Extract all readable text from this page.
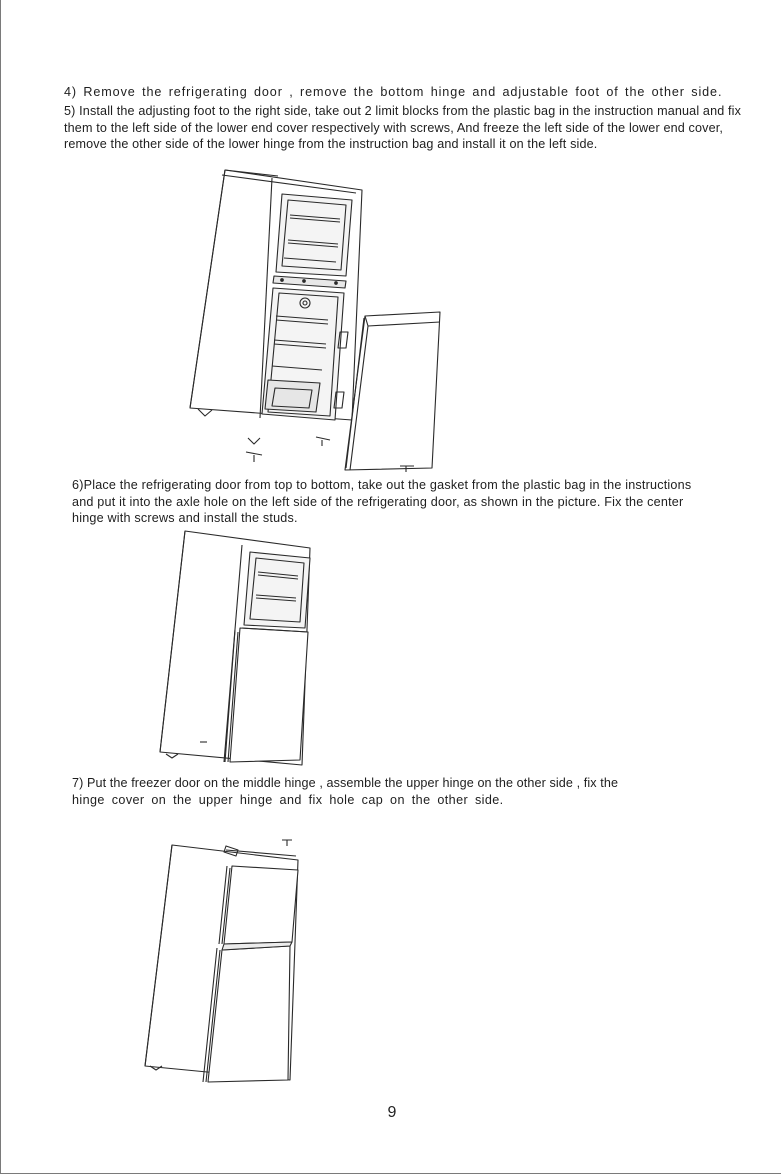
4) Remove the refrigerating door , remove the bottom hinge and adjustable foot of the other side.

5) Install the adjusting foot to the right side, take out 2 limit blocks from the plastic bag in the instruction manual and fix them to the left side of the lower end cover respectively with screws, And freeze the left side of the lower end cover, remove the other side of the lower hinge from the instruction bag and install it on the left side.

6)Place the refrigerating door from top to bottom, take out the gasket from the plastic bag in the instructions and put it into the axle hole on the left side of the refrigerating door, as shown in the picture. Fix the center hinge with screws and install the studs.

7) Put the freezer door on the middle hinge , assemble the upper hinge on the other side , fix the
hinge cover on the upper hinge and fix hole cap on the other side.

9
